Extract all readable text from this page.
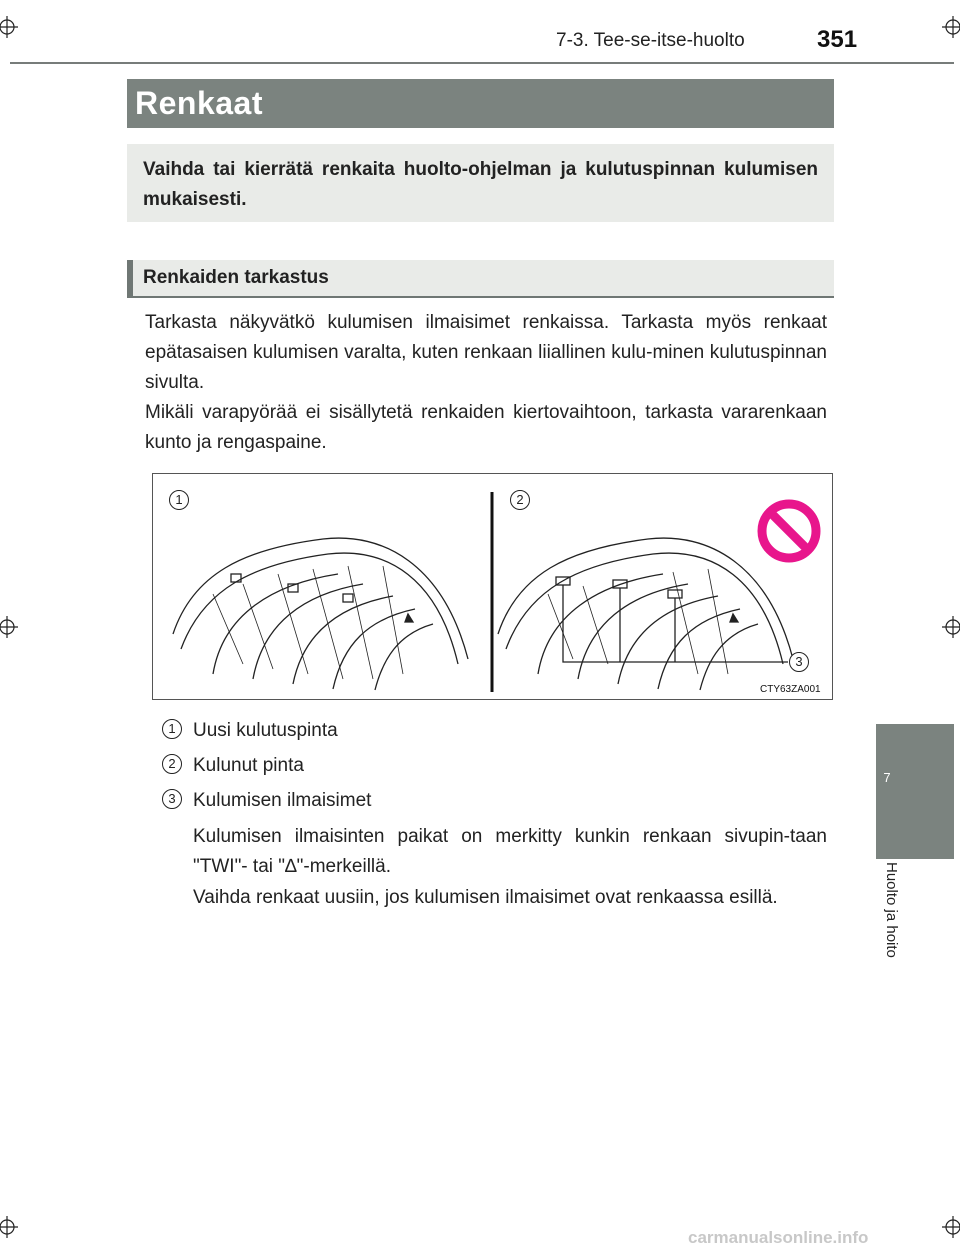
7-3. Tee-se-itse-huolto	351
Renkaat
Vaihda tai kierrätä renkaita huolto-ohjelman ja kulutuspinnan kulumisen mukaisesti.
Renkaiden tarkastus
Tarkasta näkyvätkö kulumisen ilmaisimet renkaissa. Tarkasta myös renkaat epätasaisen kulumisen varalta, kuten renkaan liiallinen kulu-minen kulutuspinnan sivulta.
Mikäli varapyörää ei sisällytetä renkaiden kiertovaihtoon, tarkasta vararenkaan kunto ja rengaspaine.
1	2
3
CTY63ZA001
1 Uusi kulutuspinta
2 Kulunut pinta
3 Kulumisen ilmaisimet
Kulumisen ilmaisinten paikat on merkitty kunkin renkaan sivupin-taan "TWI"- tai "∆"-merkeillä.
Vaihda renkaat uusiin, jos kulumisen ilmaisimet ovat renkaassa esillä.
7
Huolto ja hoito
carmanualsonline.info
